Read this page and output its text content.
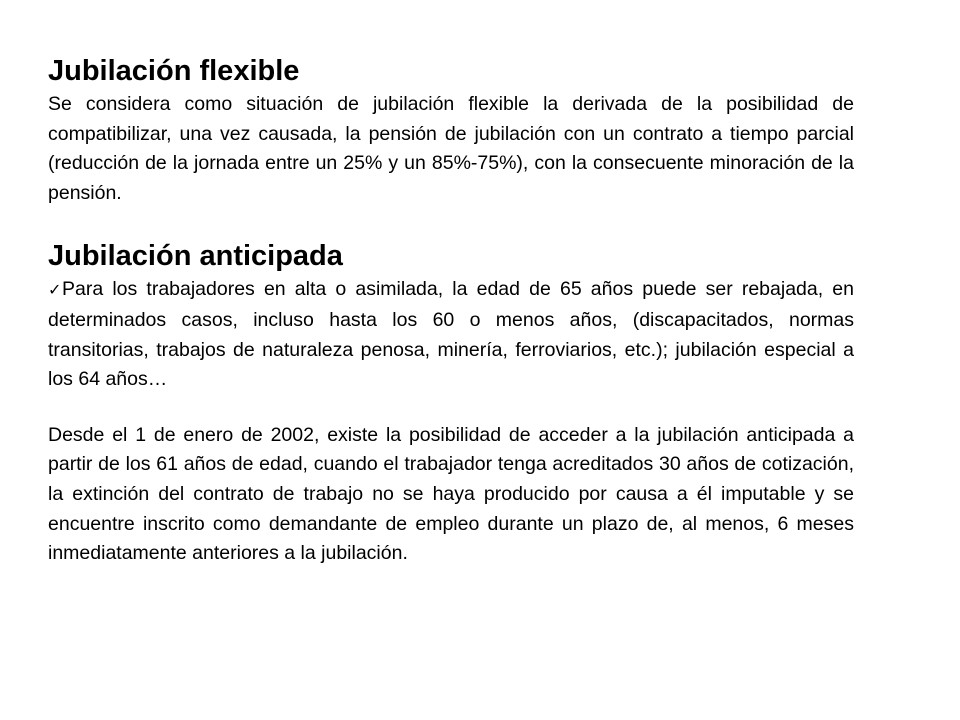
Jubilación flexible

Se considera como situación de jubilación flexible la derivada de la posibilidad de compatibilizar, una vez causada, la pensión de jubilación con un contrato a tiempo parcial (reducción de la jornada entre un 25% y un 85%-75%), con la consecuente minoración de la pensión.

Jubilación anticipada

✓Para los trabajadores en alta o asimilada, la edad de 65 años puede ser rebajada, en determinados casos, incluso hasta los 60 o menos años, (discapacitados, normas transitorias, trabajos de naturaleza penosa, minería, ferroviarios, etc.); jubilación especial a los 64 años…

Desde el 1 de enero de 2002, existe la posibilidad de acceder a la jubilación anticipada a partir de los 61 años de edad, cuando el trabajador tenga acreditados 30 años de cotización, la extinción del contrato de trabajo no se haya producido por causa a él imputable y se encuentre inscrito como demandante de empleo durante un plazo de, al menos, 6 meses inmediatamente anteriores a la jubilación.
